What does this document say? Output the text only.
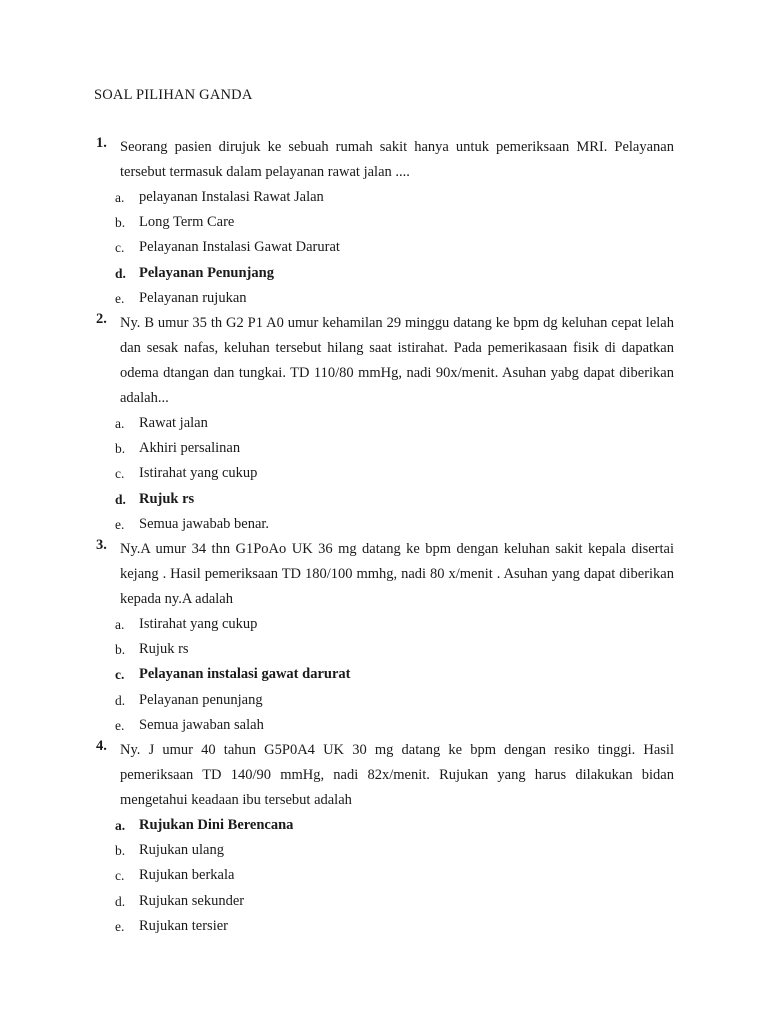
SOAL PILIHAN GANDA
1. Seorang pasien dirujuk ke sebuah rumah sakit hanya untuk pemeriksaan MRI. Pelayanan tersebut termasuk dalam pelayanan rawat jalan ....
a. pelayanan Instalasi Rawat Jalan
b. Long Term Care
c. Pelayanan Instalasi Gawat Darurat
d. Pelayanan Penunjang
e. Pelayanan rujukan
2. Ny. B umur 35 th G2 P1 A0 umur kehamilan 29 minggu datang ke bpm dg keluhan cepat lelah dan sesak nafas, keluhan tersebut hilang saat istirahat. Pada pemerikasaan fisik di dapatkan odema dtangan dan tungkai. TD 110/80 mmHg, nadi 90x/menit. Asuhan yabg dapat diberikan adalah...
a. Rawat jalan
b. Akhiri persalinan
c. Istirahat yang cukup
d. Rujuk rs
e. Semua jawabab benar.
3. Ny.A umur 34 thn G1PoAo UK 36 mg datang ke bpm dengan keluhan sakit kepala disertai kejang . Hasil pemeriksaan TD 180/100 mmhg, nadi 80 x/menit . Asuhan yang dapat diberikan kepada ny.A adalah
a. Istirahat yang cukup
b. Rujuk rs
c. Pelayanan instalasi gawat darurat
d. Pelayanan penunjang
e. Semua jawaban salah
4. Ny. J umur 40 tahun G5P0A4 UK 30 mg datang ke bpm dengan resiko tinggi. Hasil pemeriksaan TD 140/90 mmHg, nadi 82x/menit. Rujukan yang harus dilakukan bidan mengetahui keadaan ibu tersebut adalah
a. Rujukan Dini Berencana
b. Rujukan ulang
c. Rujukan berkala
d. Rujukan sekunder
e. Rujukan tersier
